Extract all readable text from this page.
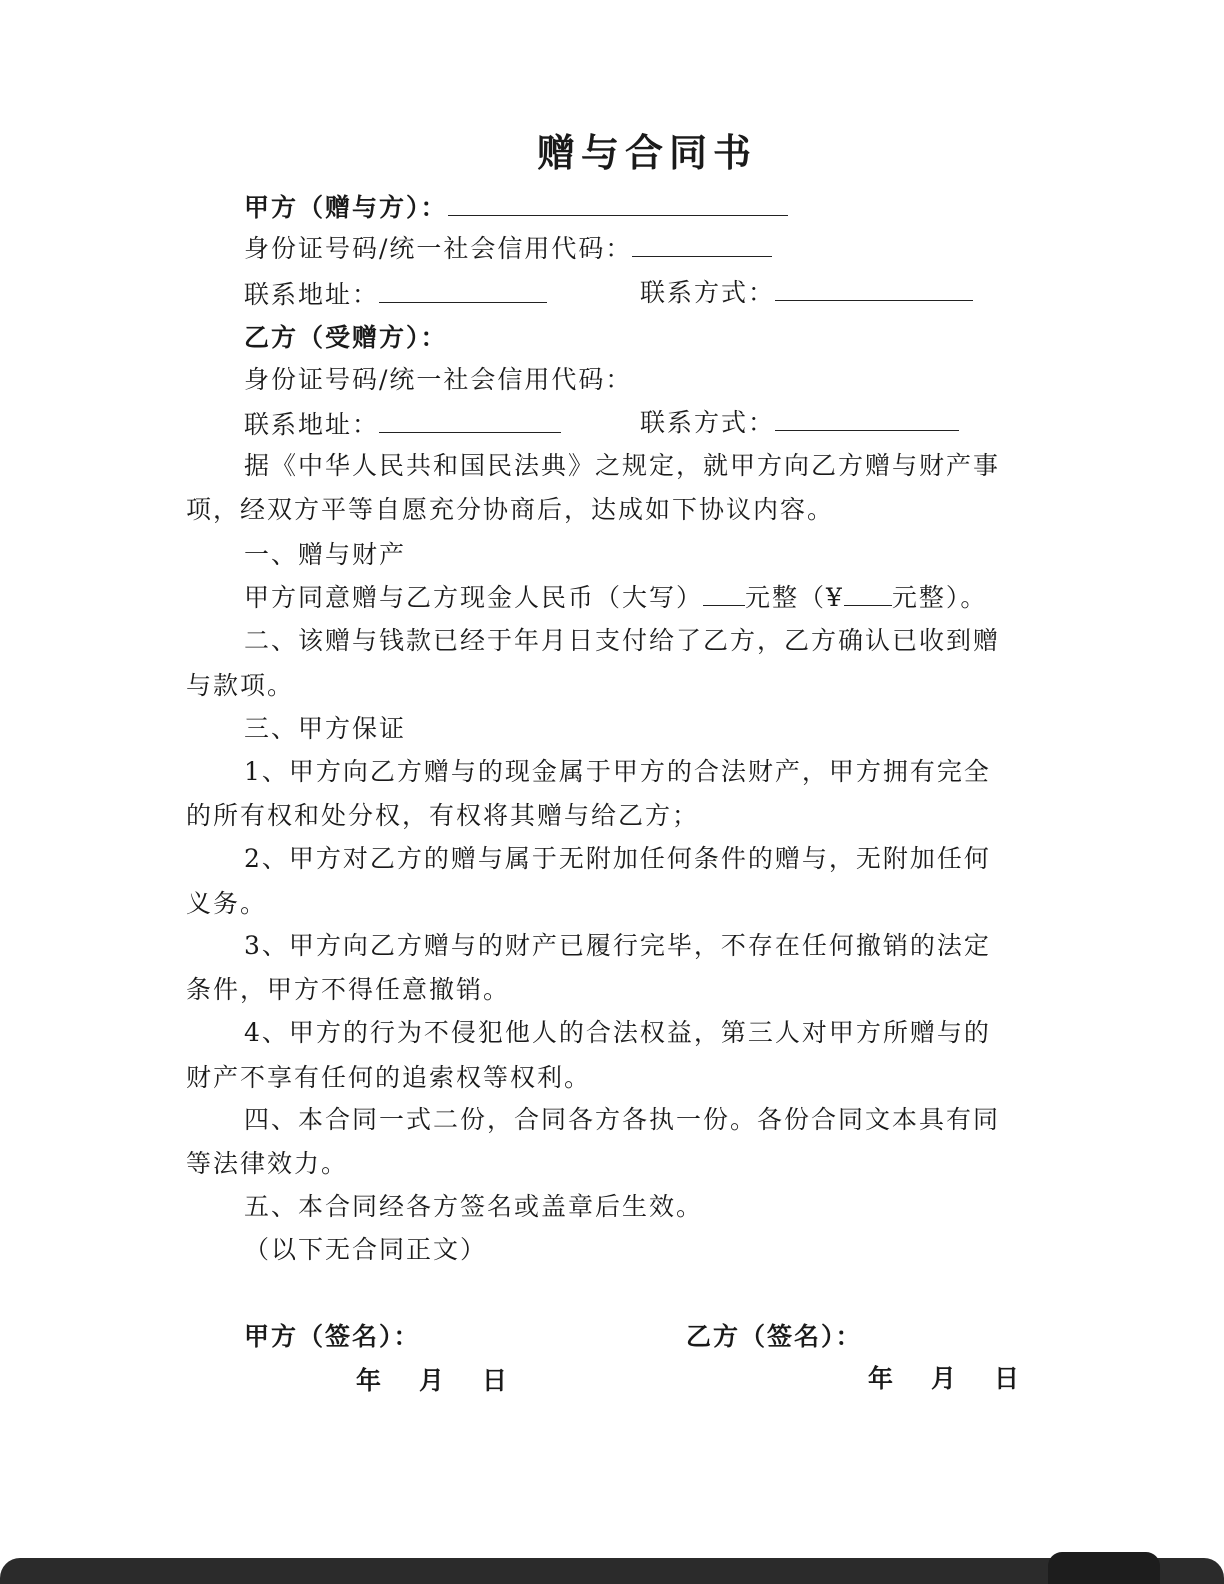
赠与合同书
甲方（赠与方）：
身份证号码/统一社会信用代码：
联系地址：	联系方式：
乙方（受赠方）：
身份证号码/统一社会信用代码：
联系地址：	联系方式：
据《中华人民共和国民法典》之规定，就甲方向乙方赠与财产事
项，经双方平等自愿充分协商后，达成如下协议内容。
一、赠与财产
甲方同意赠与乙方现金人民币（大写） 元整（¥ 元整）。
二、该赠与钱款已经于年月日支付给了乙方，乙方确认已收到赠
与款项。
三、甲方保证
1、甲方向乙方赠与的现金属于甲方的合法财产，甲方拥有完全
的所有权和处分权，有权将其赠与给乙方；
2、甲方对乙方的赠与属于无附加任何条件的赠与，无附加任何
义务。
3、甲方向乙方赠与的财产已履行完毕，不存在任何撤销的法定
条件，甲方不得任意撤销。
4、甲方的行为不侵犯他人的合法权益，第三人对甲方所赠与的
财产不享有任何的追索权等权利。
四、本合同一式二份，合同各方各执一份。各份合同文本具有同
等法律效力。
五、本合同经各方签名或盖章后生效。
（以下无合同正文）
甲方（签名）：	乙方（签名）：
年 月 日	年 月 日
